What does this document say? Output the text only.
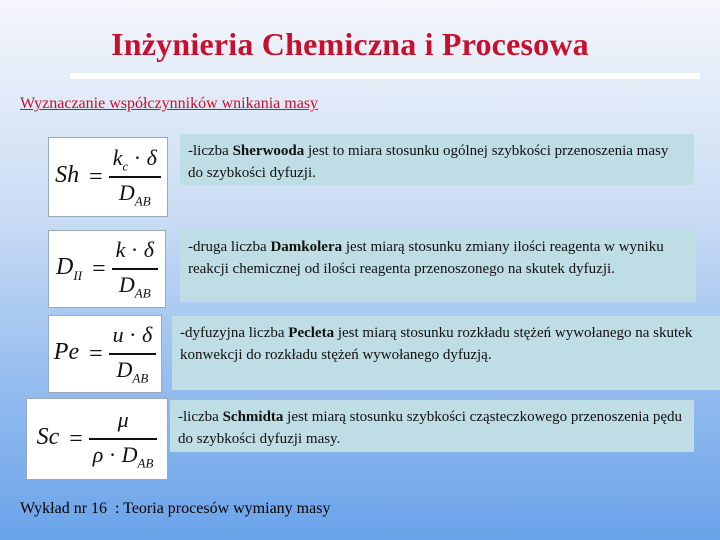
Inżynieria Chemiczna i Procesowa
Wyznaczanie współczynników wnikania masy
$Sh = \frac{k_c \cdot \delta}{D_{AB}}$	-liczba Sherwooda jest to miara stosunku ogólnej szybkości przenoszenia masy do szybkości dyfuzji.
$D_{II} = \frac{k \cdot \delta}{D_{AB}}$	-druga liczba Damkolera jest miarą stosunku zmiany ilości reagenta w wyniku reakcji chemicznej od ilości reagenta przenoszonego na skutek dyfuzji.
$Pe = \frac{u \cdot \delta}{D_{AB}}$	-dyfuzyjna liczba Pecleta jest miarą stosunku rozkładu stężeń wywołanego na skutek konwekcji do rozkładu stężeń wywołanego dyfuzją.
$Sc = \frac{\mu}{\rho \cdot D_{AB}}$	-liczba Schmidta jest miarą stosunku szybkości cząsteczkowego przenoszenia pędu do szybkości dyfuzji masy.
Wykład nr 16  : Teoria procesów wymiany masy
